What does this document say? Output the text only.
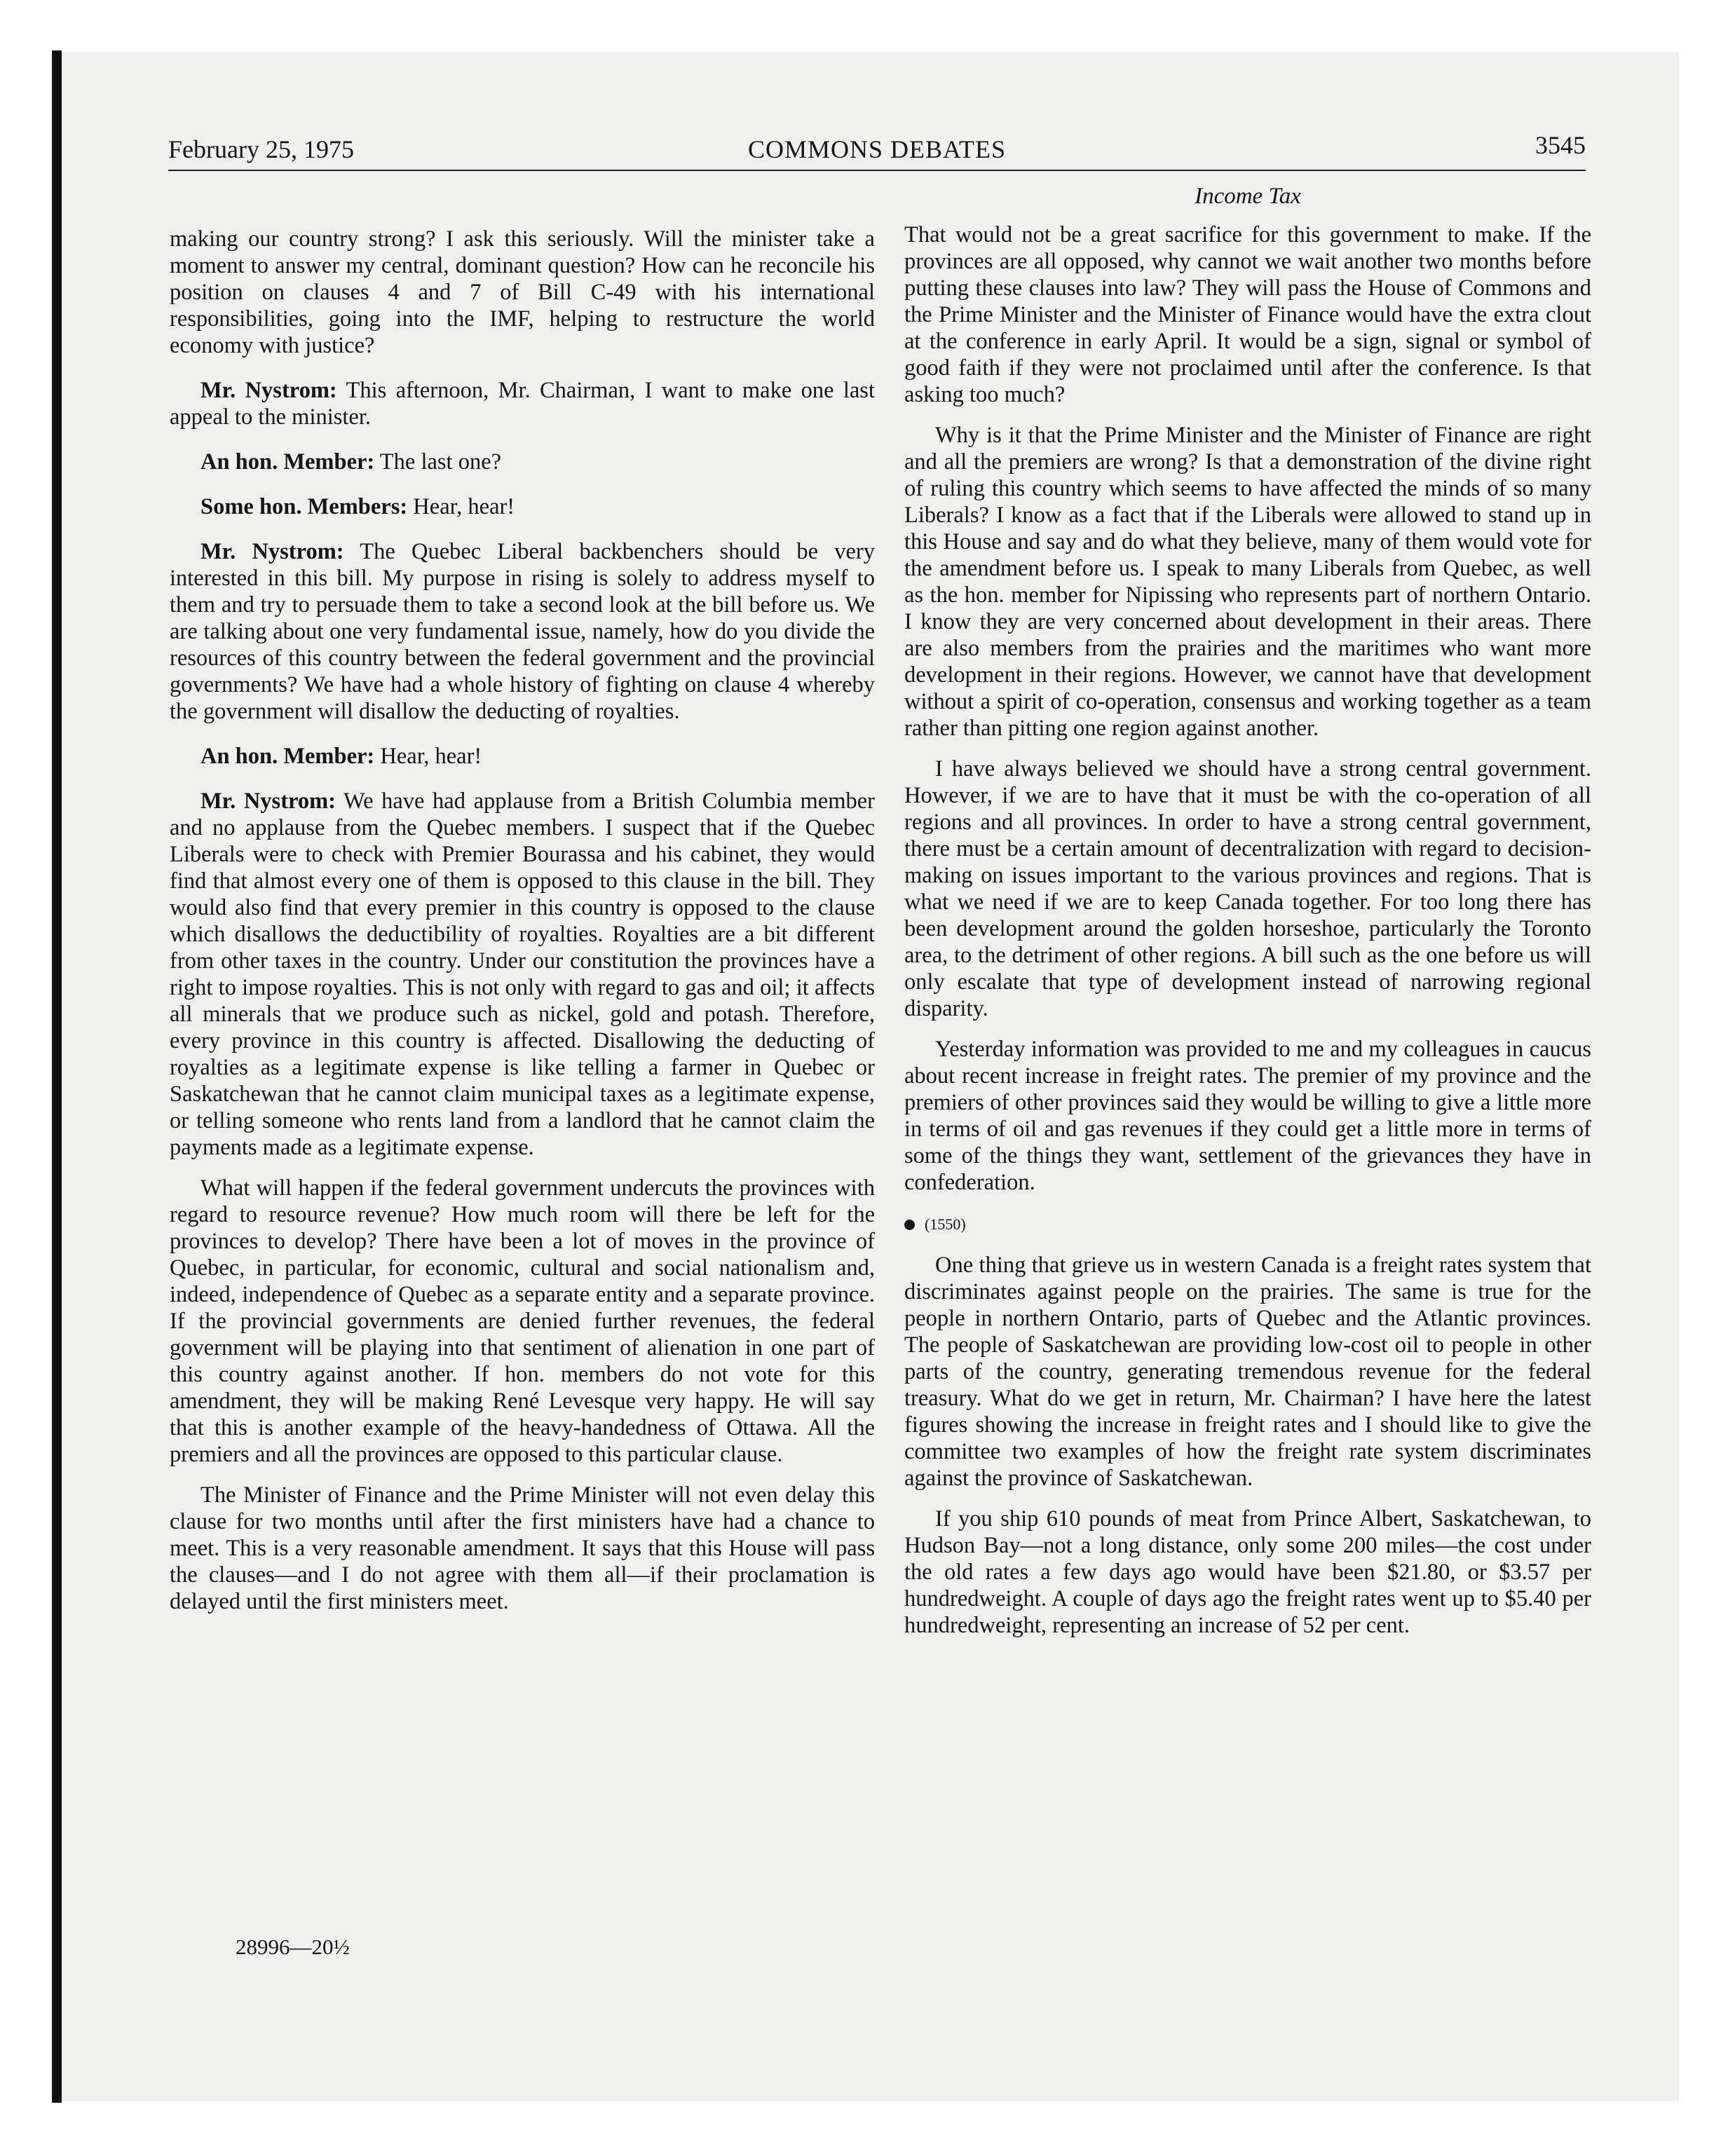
February 25, 1975	COMMONS DEBATES	3545
Income Tax

making our country strong? I ask this seriously. Will the minister take a moment to answer my central, dominant question? How can he reconcile his position on clauses 4 and 7 of Bill C-49 with his international responsibilities, going into the IMF, helping to restructure the world economy with justice?

Mr. Nystrom: This afternoon, Mr. Chairman, I want to make one last appeal to the minister.

An hon. Member: The last one?

Some hon. Members: Hear, hear!

Mr. Nystrom: The Quebec Liberal backbenchers should be very interested in this bill. My purpose in rising is solely to address myself to them and try to persuade them to take a second look at the bill before us. We are talking about one very fundamental issue, namely, how do you divide the resources of this country between the federal government and the provincial governments? We have had a whole history of fighting on clause 4 whereby the government will disallow the deducting of royalties.

An hon. Member: Hear, hear!

Mr. Nystrom: We have had applause from a British Columbia member and no applause from the Quebec members. I suspect that if the Quebec Liberals were to check with Premier Bourassa and his cabinet, they would find that almost every one of them is opposed to this clause in the bill. They would also find that every premier in this country is opposed to the clause which disallows the deductibility of royalties. Royalties are a bit different from other taxes in the country. Under our constitution the provinces have a right to impose royalties. This is not only with regard to gas and oil; it affects all minerals that we produce such as nickel, gold and potash. Therefore, every province in this country is affected. Disallowing the deducting of royalties as a legitimate expense is like telling a farmer in Quebec or Saskatchewan that he cannot claim municipal taxes as a legitimate expense, or telling someone who rents land from a landlord that he cannot claim the payments made as a legitimate expense.

What will happen if the federal government undercuts the provinces with regard to resource revenue? How much room will there be left for the provinces to develop? There have been a lot of moves in the province of Quebec, in particular, for economic, cultural and social nationalism and, indeed, independence of Quebec as a separate entity and a separate province. If the provincial governments are denied further revenues, the federal government will be playing into that sentiment of alienation in one part of this country against another. If hon. members do not vote for this amendment, they will be making René Levesque very happy. He will say that this is another example of the heavy-handedness of Ottawa. All the premiers and all the provinces are opposed to this particular clause.

The Minister of Finance and the Prime Minister will not even delay this clause for two months until after the first ministers have had a chance to meet. This is a very reasonable amendment. It says that this House will pass the clauses—and I do not agree with them all—if their proclamation is delayed until the first ministers meet.

That would not be a great sacrifice for this government to make. If the provinces are all opposed, why cannot we wait another two months before putting these clauses into law? They will pass the House of Commons and the Prime Minister and the Minister of Finance would have the extra clout at the conference in early April. It would be a sign, signal or symbol of good faith if they were not proclaimed until after the conference. Is that asking too much?

Why is it that the Prime Minister and the Minister of Finance are right and all the premiers are wrong? Is that a demonstration of the divine right of ruling this country which seems to have affected the minds of so many Liberals? I know as a fact that if the Liberals were allowed to stand up in this House and say and do what they believe, many of them would vote for the amendment before us. I speak to many Liberals from Quebec, as well as the hon. member for Nipissing who represents part of northern Ontario. I know they are very concerned about development in their areas. There are also members from the prairies and the maritimes who want more development in their regions. However, we cannot have that development without a spirit of co-operation, consensus and working together as a team rather than pitting one region against another.

I have always believed we should have a strong central government. However, if we are to have that it must be with the co-operation of all regions and all provinces. In order to have a strong central government, there must be a certain amount of decentralization with regard to decision-making on issues important to the various provinces and regions. That is what we need if we are to keep Canada together. For too long there has been development around the golden horseshoe, particularly the Toronto area, to the detriment of other regions. A bill such as the one before us will only escalate that type of development instead of narrowing regional disparity.

Yesterday information was provided to me and my colleagues in caucus about recent increase in freight rates. The premier of my province and the premiers of other provinces said they would be willing to give a little more in terms of oil and gas revenues if they could get a little more in terms of some of the things they want, settlement of the grievances they have in confederation.

(1550)

One thing that grieve us in western Canada is a freight rates system that discriminates against people on the prairies. The same is true for the people in northern Ontario, parts of Quebec and the Atlantic provinces. The people of Saskatchewan are providing low-cost oil to people in other parts of the country, generating tremendous revenue for the federal treasury. What do we get in return, Mr. Chairman? I have here the latest figures showing the increase in freight rates and I should like to give the committee two examples of how the freight rate system discriminates against the province of Saskatchewan.

If you ship 610 pounds of meat from Prince Albert, Saskatchewan, to Hudson Bay—not a long distance, only some 200 miles—the cost under the old rates a few days ago would have been $21.80, or $3.57 per hundredweight. A couple of days ago the freight rates went up to $5.40 per hundredweight, representing an increase of 52 per cent.

28996—20½
